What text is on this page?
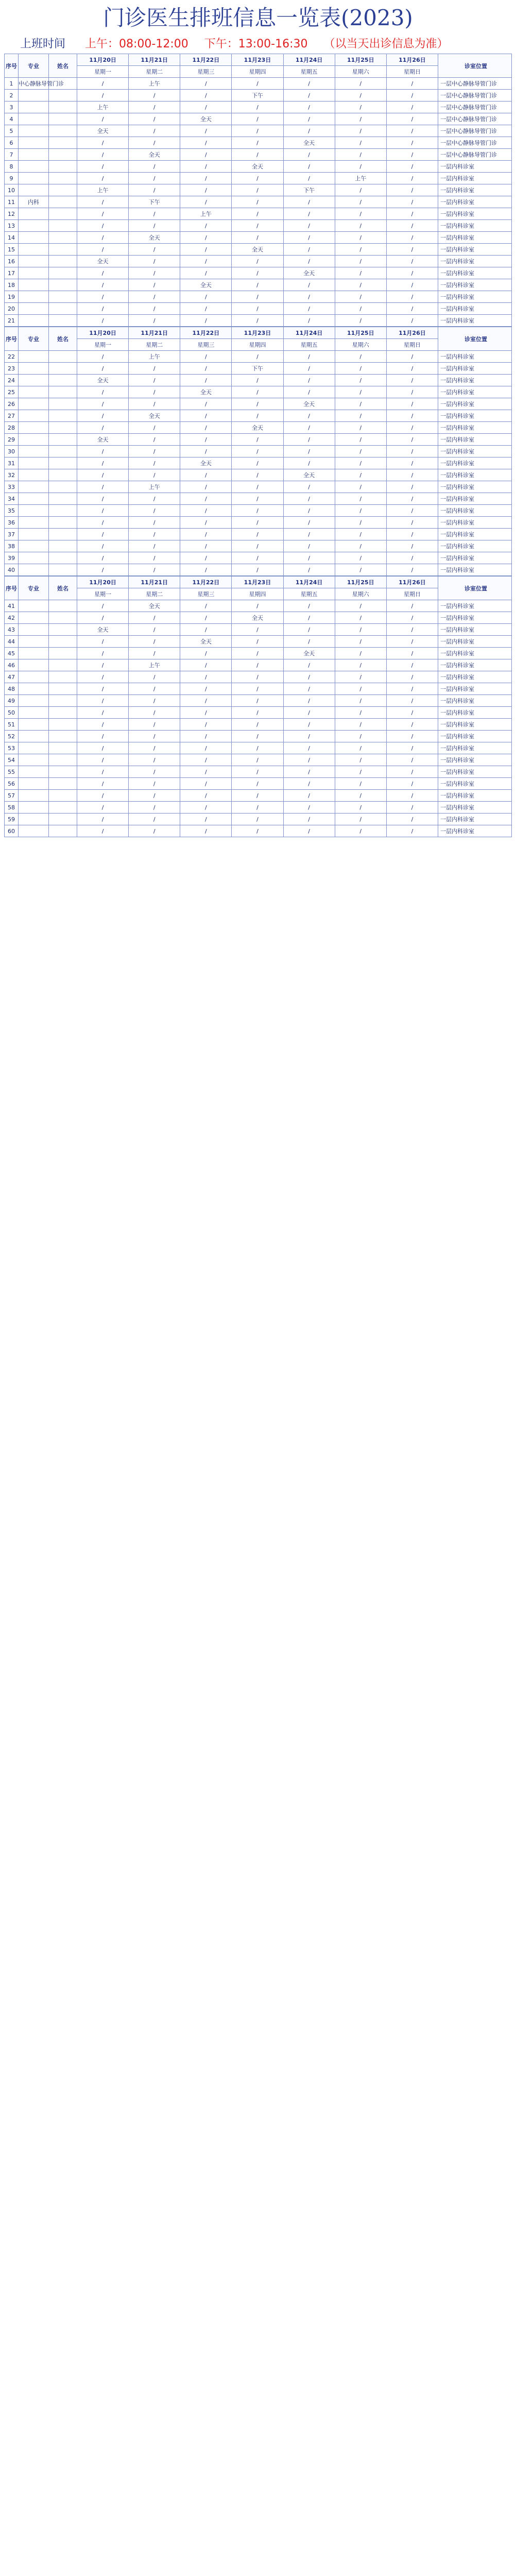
门诊医生排班信息一览表(2023)
上班时间 上午：08:00-12:00 下午：13:00-16:30 （以当天出诊信息为准）
序号	专业	姓名	11月20日	11月21日	11月22日	11月23日	11月24日	11月25日	11月26日	诊室位置
			星期一	星期二	星期三	星期四	星期五	星期六	星期日	
1	中心静脉导管门诊		/	上午	/	/	/	/	/	一层中心静脉导管门诊
2			/	/	/	下午	/	/	/	一层中心静脉导管门诊
3			上午	/	/	/	/	/	/	一层中心静脉导管门诊
4			/	/	全天	/	/	/	/	一层中心静脉导管门诊
5			全天	/	/	/	/	/	/	一层中心静脉导管门诊
6			/	/	/	/	全天	/	/	一层中心静脉导管门诊
7			/	全天	/	/	/	/	/	一层中心静脉导管门诊
8			/	/	/	全天	/	/	/	一层内科诊室
9			/	/	/	/	/	上午	/	一层内科诊室
10			上午	/	/	/	下午	/	/	一层内科诊室
11	内科		/	下午	/	/	/	/	/	一层内科诊室
12			/	/	上午	/	/	/	/	一层内科诊室
13			/	/	/	/	/	/	/	一层内科诊室
14			/	全天	/	/	/	/	/	一层内科诊室
15			/	/	/	全天	/	/	/	一层内科诊室
16			全天	/	/	/	/	/	/	一层内科诊室
17			/	/	/	/	全天	/	/	一层内科诊室
18			/	/	全天	/	/	/	/	一层内科诊室
19			/	/	/	/	/	/	/	一层内科诊室
20			/	/	/	/	/	/	/	一层内科诊室
21			/	/	/	/	/	/	/	一层内科诊室
序号	专业	姓名	11月20日	11月21日	11月22日	11月23日	11月24日	11月25日	11月26日	诊室位置
			星期一	星期二	星期三	星期四	星期五	星期六	星期日	
22			/	上午	/	/	/	/	/	一层内科诊室
23			/	/	/	下午	/	/	/	一层内科诊室
24			全天	/	/	/	/	/	/	一层内科诊室
25			/	/	全天	/	/	/	/	一层内科诊室
26			/	/	/	/	全天	/	/	一层内科诊室
27			/	全天	/	/	/	/	/	一层内科诊室
28			/	/	/	全天	/	/	/	一层内科诊室
29			全天	/	/	/	/	/	/	一层内科诊室
30			/	/	/	/	/	/	/	一层内科诊室
31			/	/	全天	/	/	/	/	一层内科诊室
32			/	/	/	/	全天	/	/	一层内科诊室
33			/	上午	/	/	/	/	/	一层内科诊室
34			/	/	/	/	/	/	/	一层内科诊室
35			/	/	/	/	/	/	/	一层内科诊室
36			/	/	/	/	/	/	/	一层内科诊室
37			/	/	/	/	/	/	/	一层内科诊室
38			/	/	/	/	/	/	/	一层内科诊室
39			/	/	/	/	/	/	/	一层内科诊室
40			/	/	/	/	/	/	/	一层内科诊室
序号	专业	姓名	11月20日	11月21日	11月22日	11月23日	11月24日	11月25日	11月26日	诊室位置
			星期一	星期二	星期三	星期四	星期五	星期六	星期日	
41			/	全天	/	/	/	/	/	一层内科诊室
42			/	/	/	全天	/	/	/	一层内科诊室
43			全天	/	/	/	/	/	/	一层内科诊室
44			/	/	全天	/	/	/	/	一层内科诊室
45			/	/	/	/	全天	/	/	一层内科诊室
46			/	上午	/	/	/	/	/	一层内科诊室
47			/	/	/	/	/	/	/	一层内科诊室
48			/	/	/	/	/	/	/	一层内科诊室
49			/	/	/	/	/	/	/	一层内科诊室
50			/	/	/	/	/	/	/	一层内科诊室
51			/	/	/	/	/	/	/	一层内科诊室
52			/	/	/	/	/	/	/	一层内科诊室
53			/	/	/	/	/	/	/	一层内科诊室
54			/	/	/	/	/	/	/	一层内科诊室
55			/	/	/	/	/	/	/	一层内科诊室
56			/	/	/	/	/	/	/	一层内科诊室
57			/	/	/	/	/	/	/	一层内科诊室
58			/	/	/	/	/	/	/	一层内科诊室
59			/	/	/	/	/	/	/	一层内科诊室
60			/	/	/	/	/	/	/	一层内科诊室
